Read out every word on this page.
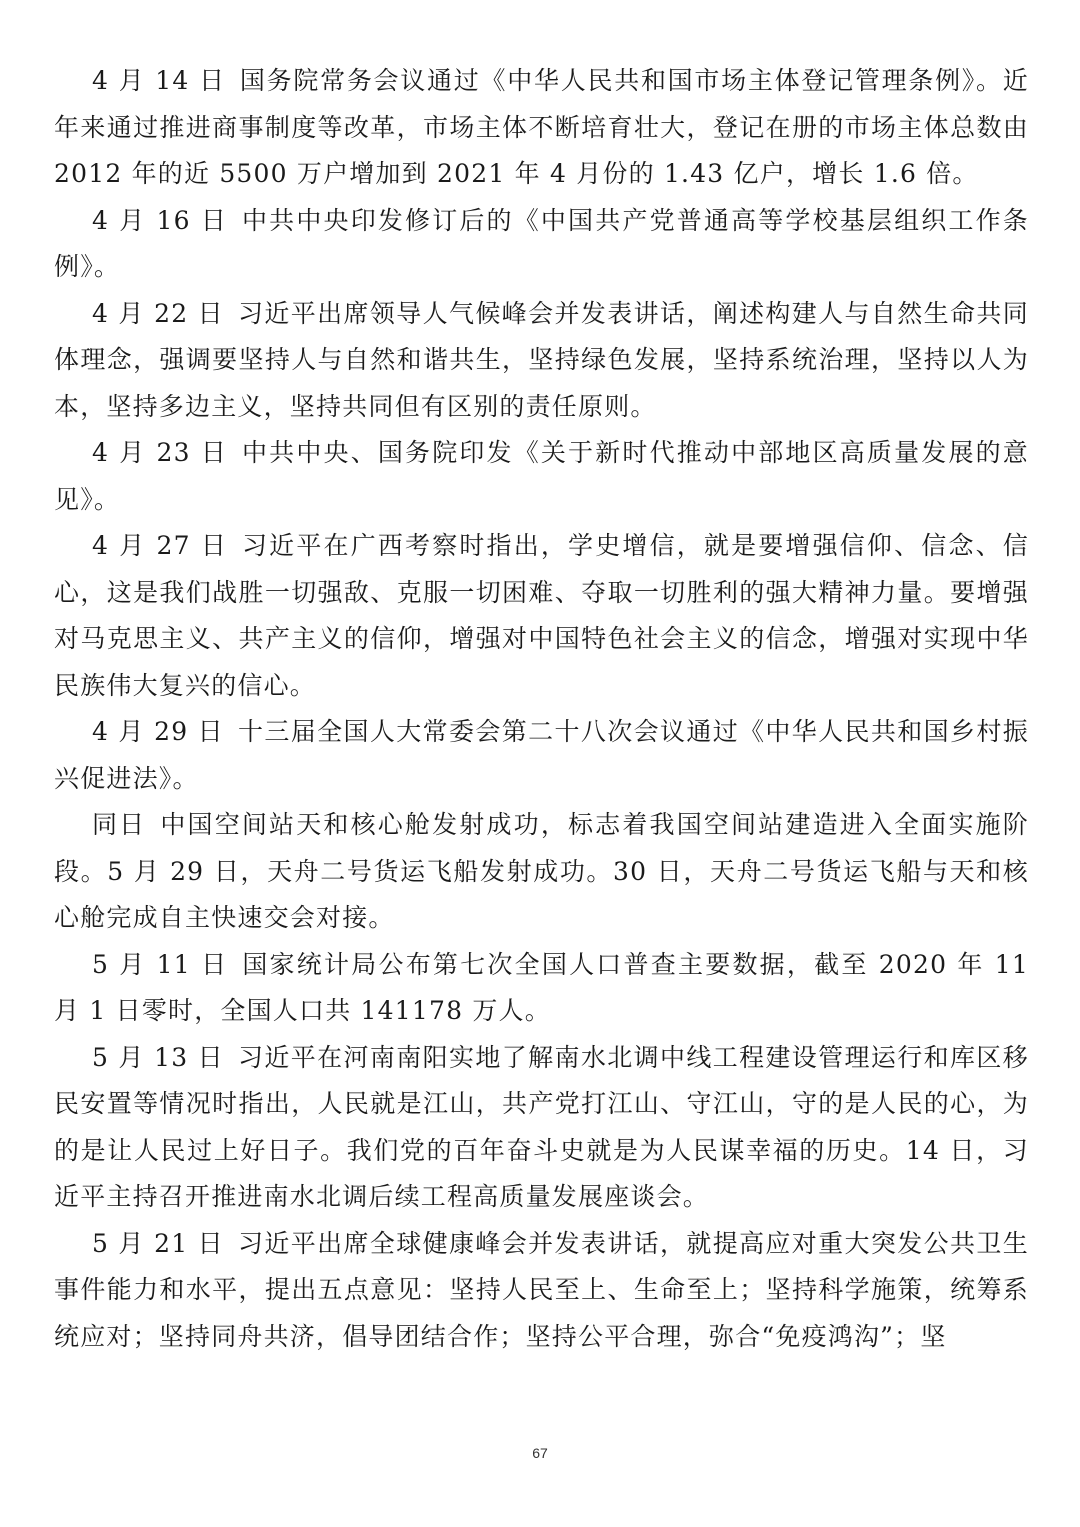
4 月 14 日 国务院常务会议通过《中华人民共和国市场主体登记管理条例》。近年来通过推进商事制度等改革，市场主体不断培育壮大，登记在册的市场主体总数由 2012 年的近 5500 万户增加到 2021 年 4 月份的 1.43 亿户，增长 1.6 倍。

4 月 16 日 中共中央印发修订后的《中国共产党普通高等学校基层组织工作条例》。

4 月 22 日 习近平出席领导人气候峰会并发表讲话，阐述构建人与自然生命共同体理念，强调要坚持人与自然和谐共生，坚持绿色发展，坚持系统治理，坚持以人为本，坚持多边主义，坚持共同但有区别的责任原则。

4 月 23 日 中共中央、国务院印发《关于新时代推动中部地区高质量发展的意见》。

4 月 27 日 习近平在广西考察时指出，学史增信，就是要增强信仰、信念、信心，这是我们战胜一切强敌、克服一切困难、夺取一切胜利的强大精神力量。要增强对马克思主义、共产主义的信仰，增强对中国特色社会主义的信念，增强对实现中华民族伟大复兴的信心。

4 月 29 日 十三届全国人大常委会第二十八次会议通过《中华人民共和国乡村振兴促进法》。

同日 中国空间站天和核心舱发射成功，标志着我国空间站建造进入全面实施阶段。5 月 29 日，天舟二号货运飞船发射成功。30 日，天舟二号货运飞船与天和核心舱完成自主快速交会对接。

5 月 11 日 国家统计局公布第七次全国人口普查主要数据，截至 2020 年 11 月 1 日零时，全国人口共 141178 万人。

5 月 13 日 习近平在河南南阳实地了解南水北调中线工程建设管理运行和库区移民安置等情况时指出，人民就是江山，共产党打江山、守江山，守的是人民的心，为的是让人民过上好日子。我们党的百年奋斗史就是为人民谋幸福的历史。14 日，习近平主持召开推进南水北调后续工程高质量发展座谈会。

5 月 21 日 习近平出席全球健康峰会并发表讲话，就提高应对重大突发公共卫生事件能力和水平，提出五点意见：坚持人民至上、生命至上；坚持科学施策，统筹系统应对；坚持同舟共济，倡导团结合作；坚持公平合理，弥合“免疫鸿沟”；坚

67
